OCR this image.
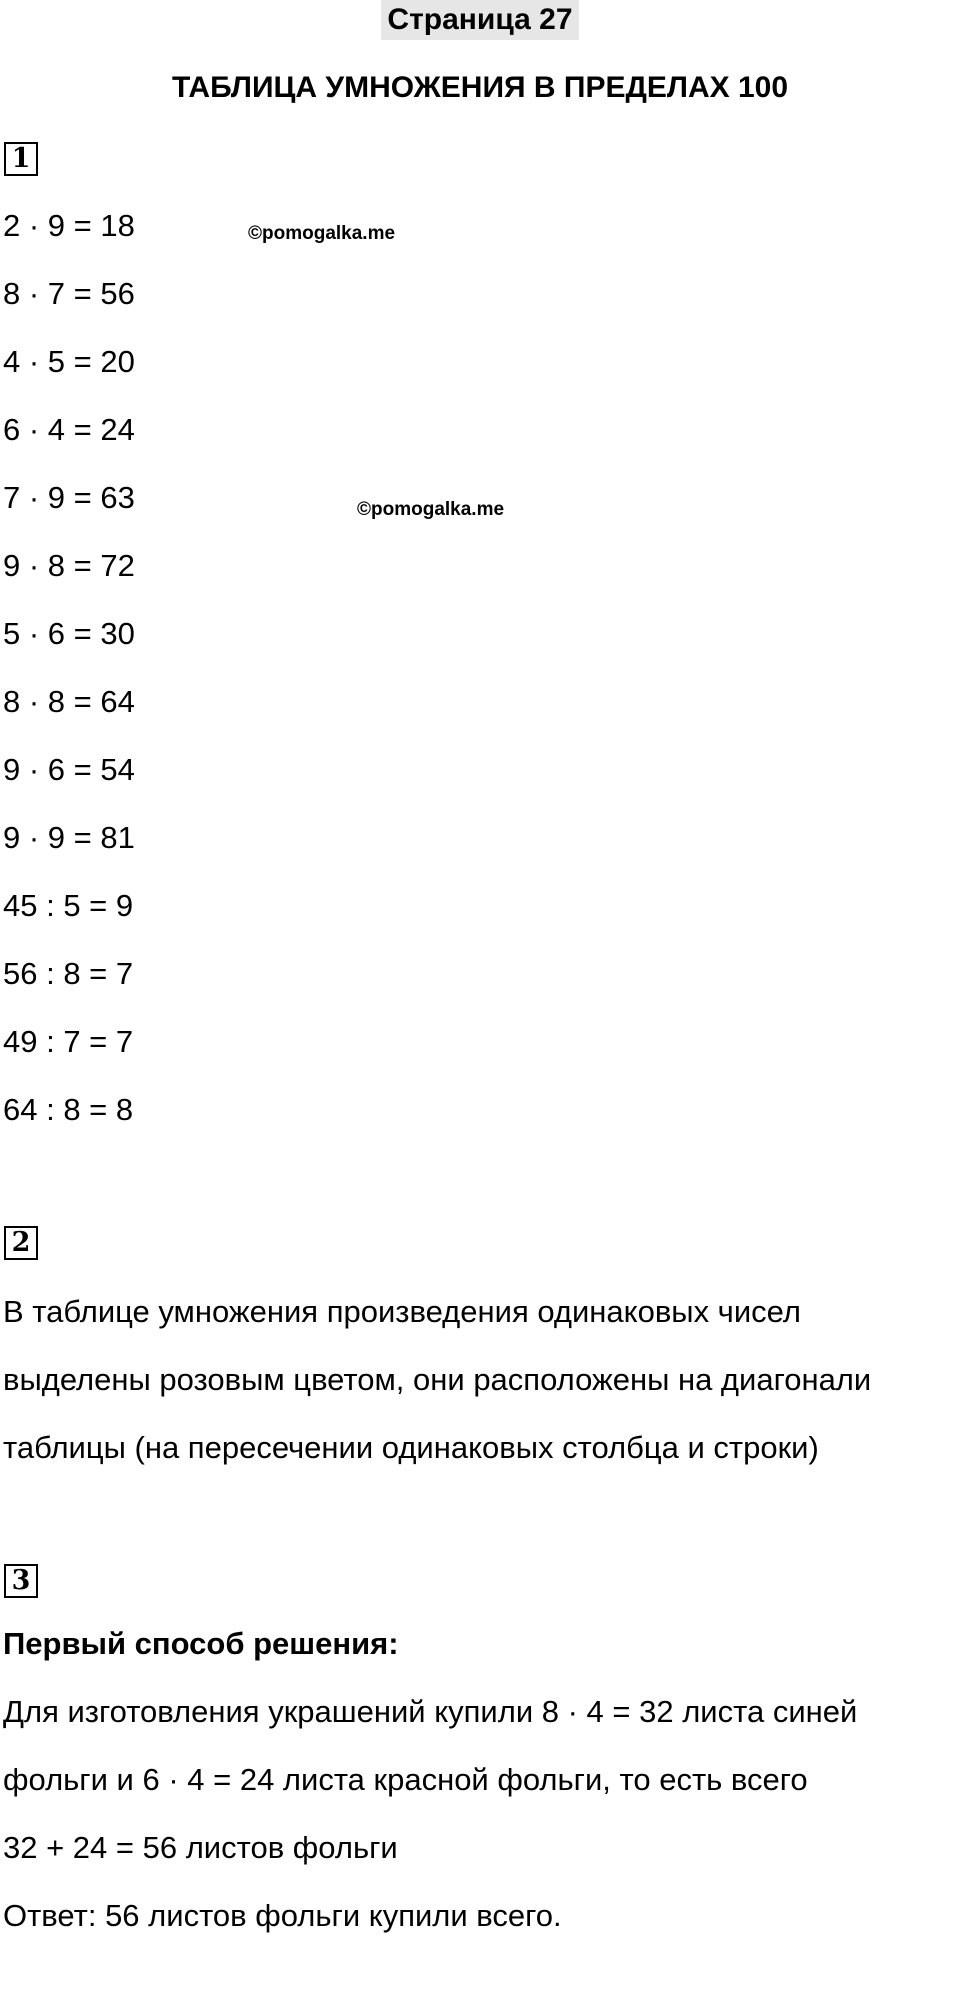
Страница 27
ТАБЛИЦА УМНОЖЕНИЯ В ПРЕДЕЛАХ 100
1
2 · 9 = 18
8 · 7 = 56
4 · 5 = 20
6 · 4 = 24
7 · 9 = 63
9 · 8 = 72
5 · 6 = 30
8 · 8 = 64
9 · 6 = 54
9 · 9 = 81
45 : 5 = 9
56 : 8 = 7
49 : 7 = 7
64 : 8 = 8
©pomogalka.me
©pomogalka.me
2

В таблице умножения произведения одинаковых чисел

выделены розовым цветом, они расположены на диагонали

таблицы (на пересечении одинаковых столбца и строки)

3

Первый способ решения:

Для изготовления украшений купили 8 · 4 = 32 листа синей

фольги и 6 · 4 = 24 листа красной фольги, то есть всего

32 + 24 = 56 листов фольги

Ответ: 56 листов фольги купили всего.
